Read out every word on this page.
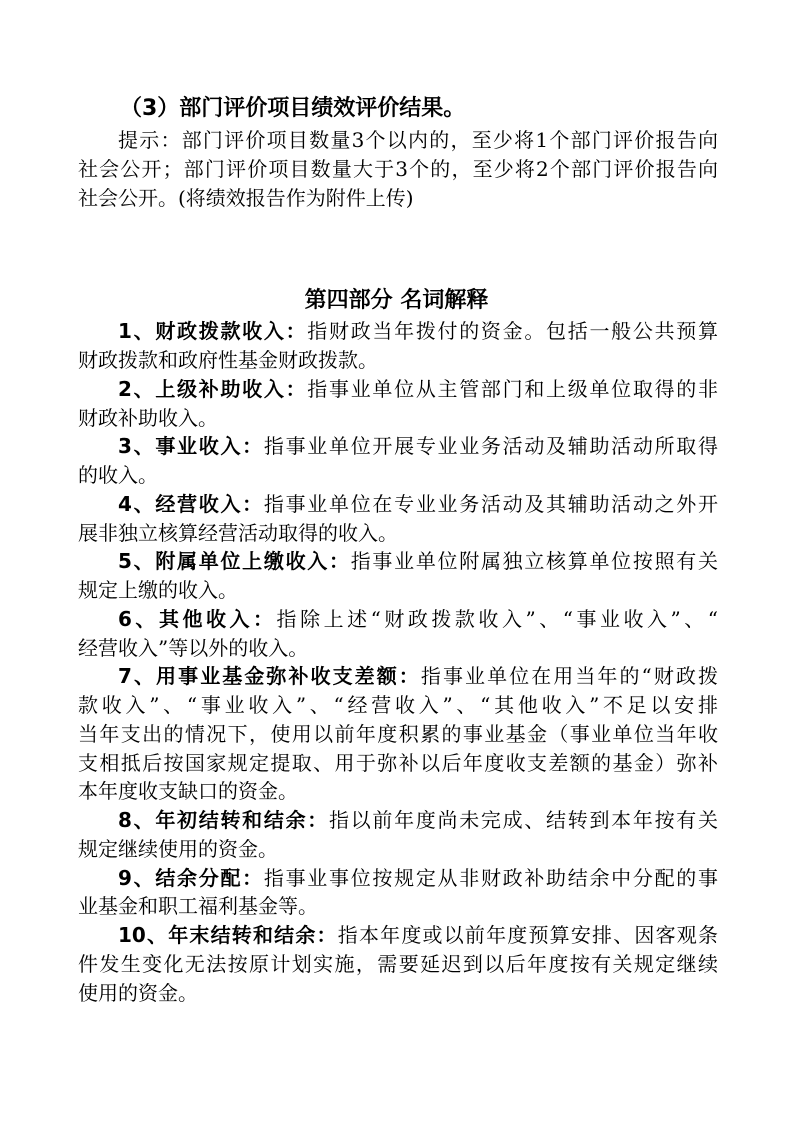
（3）部门评价项目绩效评价结果。
提示：部门评价项目数量3个以内的，至少将1个部门评价报告向
社会公开；部门评价项目数量大于3个的，至少将2个部门评价报告向
社会公开。(将绩效报告作为附件上传)
第四部分 名词解释
1、财政拨款收入：指财政当年拨付的资金。包括一般公共预算
财政拨款和政府性基金财政拨款。
2、上级补助收入：指事业单位从主管部门和上级单位取得的非
财政补助收入。
3、事业收入：指事业单位开展专业业务活动及辅助活动所取得
的收入。
4、经营收入：指事业单位在专业业务活动及其辅助活动之外开
展非独立核算经营活动取得的收入。
5、附属单位上缴收入：指事业单位附属独立核算单位按照有关
规定上缴的收入。
6、其他收入：指除上述“财政拨款收入”、“事业收入”、“
经营收入”等以外的收入。
7、用事业基金弥补收支差额：指事业单位在用当年的“财政拨
款收入”、“事业收入”、“经营收入”、“其他收入”不足以安排
当年支出的情况下，使用以前年度积累的事业基金（事业单位当年收
支相抵后按国家规定提取、用于弥补以后年度收支差额的基金）弥补
本年度收支缺口的资金。
8、年初结转和结余：指以前年度尚未完成、结转到本年按有关
规定继续使用的资金。
9、结余分配：指事业事位按规定从非财政补助结余中分配的事
业基金和职工福利基金等。
10、年末结转和结余：指本年度或以前年度预算安排、因客观条
件发生变化无法按原计划实施，需要延迟到以后年度按有关规定继续
使用的资金。
